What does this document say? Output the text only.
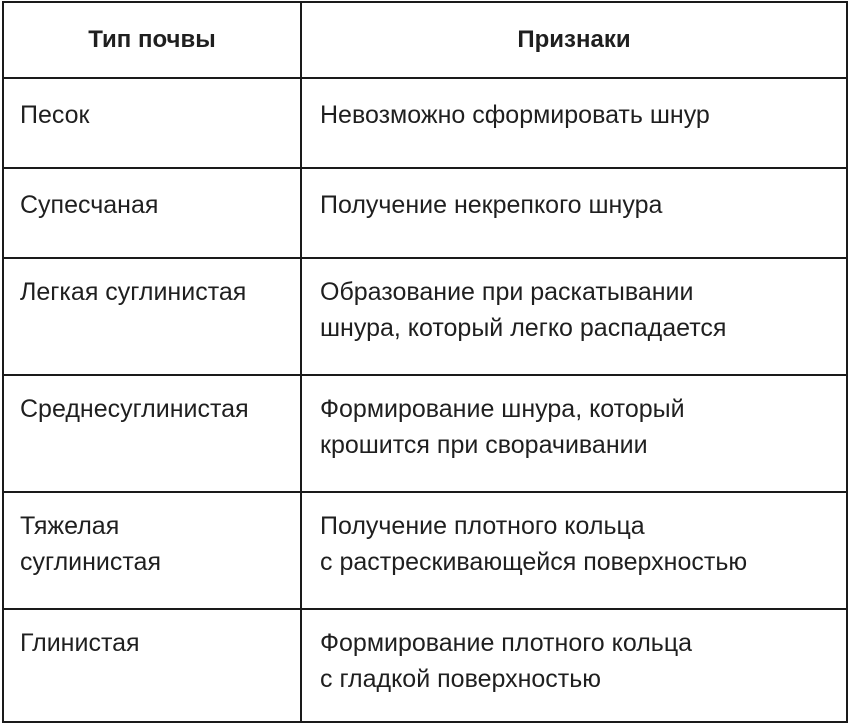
Тип почвы	Признаки

Песок	Невозможно сформировать шнур

Супесчаная	Получение некрепкого шнура

Легкая суглинистая	Образование при раскатывании
шнура, который легко распадается

Среднесуглинистая	Формирование шнура, который
крошится при сворачивании

Тяжелая
суглинистая	Получение плотного кольца
с растрескивающейся поверхностью

Глинистая	Формирование плотного кольца
с гладкой поверхностью
